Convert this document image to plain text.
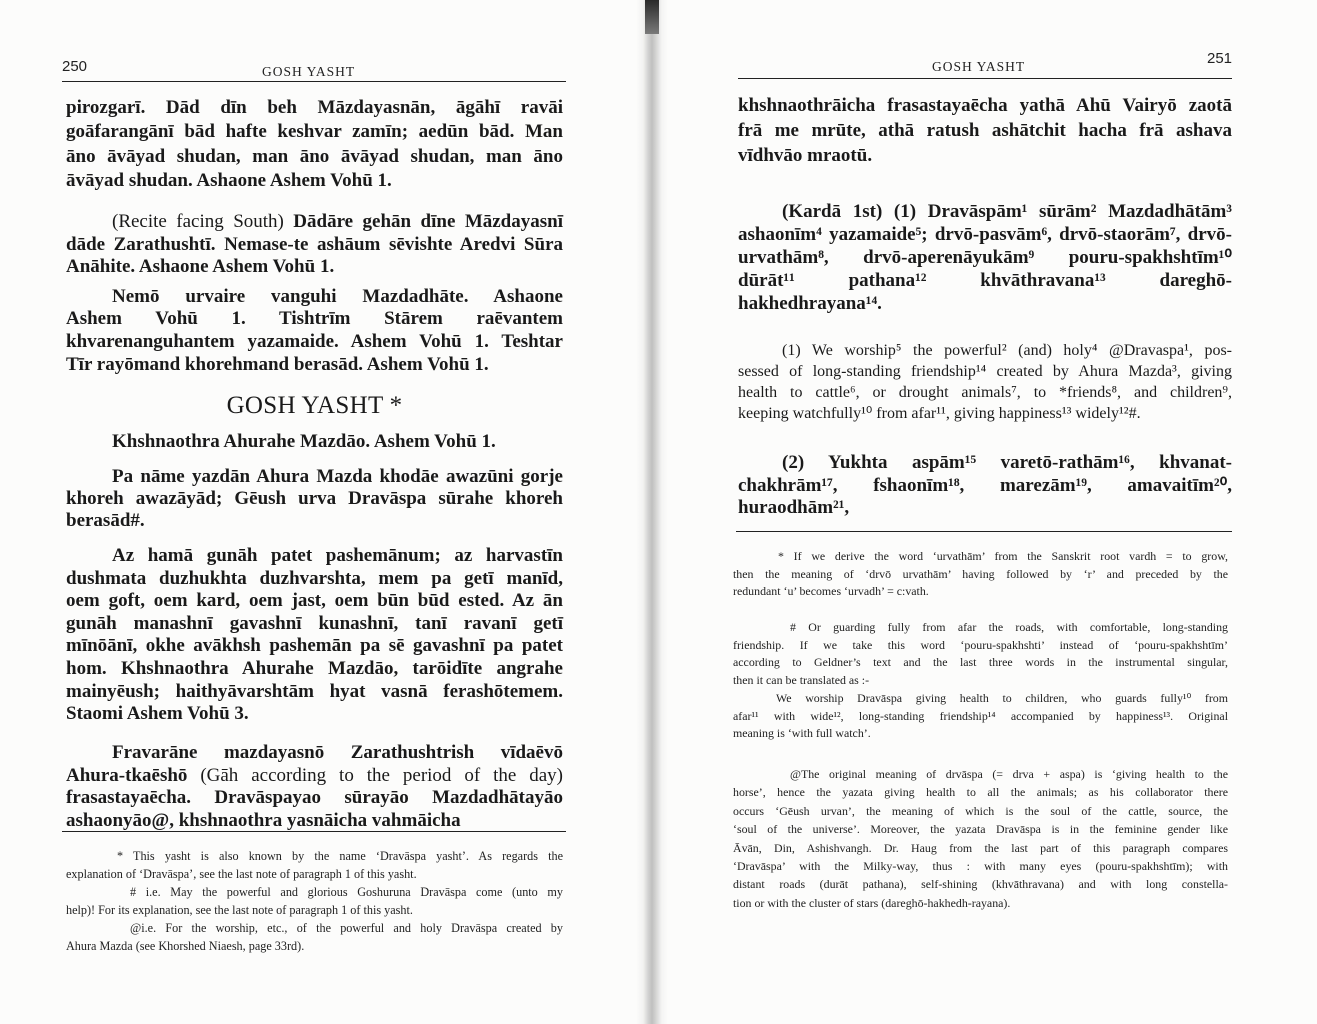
250	GOSH YASHT
pirozgarī. Dād dīn beh Māzdayasnān, āgāhī ravāi
goāfarangānī bād hafte keshvar zamīn; aedūn bād. Man
āno āvāyad shudan, man āno āvāyad shudan, man āno
āvāyad shudan. Ashaone Ashem Vohū 1.
(Recite facing South) Dādāre gehān dīne Māzdayasnī
dāde Zarathushtī. Nemase-te ashāum sēvishte Aredvi Sūra
Anāhite. Ashaone Ashem Vohū 1.
Nemō urvaire vanguhi Mazdadhāte. Ashaone
Ashem Vohū 1. Tishtrīm Stārem raēvantem
khvarenanguhantem yazamaide. Ashem Vohū 1. Teshtar
Tīr rayōmand khorehmand berasād. Ashem Vohū 1.
GOSH YASHT *
Khshnaothra Ahurahe Mazdāo. Ashem Vohū 1.
Pa nāme yazdān Ahura Mazda khodāe awazūni gorje
khoreh awazāyād; Gēush urva Dravāspa sūrahe khoreh
berasād#.
Az hamā gunāh patet pashemānum; az harvastīn
dushmata duzhukhta duzhvarshta, mem pa getī manīd,
oem goft, oem kard, oem jast, oem būn būd ested. Az ān
gunāh manashnī gavashnī kunashnī, tanī ravanī getī
mīnōānī, okhe avākhsh pashemān pa sē gavashnī pa patet
hom. Khshnaothra Ahurahe Mazdāo, tarōidīte angrahe
mainyēush; haithyāvarshtām hyat vasnā ferashōtemem.
Staomi Ashem Vohū 3.
Fravarāne mazdayasnō Zarathushtrish vīdaēvō
Ahura-tkaēshō (Gāh according to the period of the day)
frasastayaēcha. Dravāspayao sūrayāo Mazdadhātayāo
ashaonyāo@, khshnaothra yasnāicha vahmāicha
* This yasht is also known by the name ‘Dravāspa yasht’. As regards the
explanation of ‘Dravāspa’, see the last note of paragraph 1 of this yasht.
# i.e. May the powerful and glorious Goshuruna Dravāspa come (unto my
help)! For its explanation, see the last note of paragraph 1 of this yasht.
@i.e. For the worship, etc., of the powerful and holy Dravāspa created by
Ahura Mazda (see Khorshed Niaesh, page 33rd).
GOSH YASHT	251
khshnaothrāicha frasastayaēcha yathā Ahū Vairyō zaotā
frā me mrūte, athā ratush ashātchit hacha frā ashava
vīdhvāo mraotū.
(Kardā 1st) (1) Dravāspām¹ sūrām² Mazdadhātām³
ashaonīm⁴ yazamaide⁵; drvō-pasvām⁶, drvō-staorām⁷, drvō-
urvathām⁸, drvō-aperenāyukām⁹ pouru-spakhshtīm¹⁰
dūrāt¹¹ pathana¹² khvāthravana¹³ dareghō-
hakhedhrayana¹⁴.
(1) We worship⁵ the powerful² (and) holy⁴ @Dravaspa¹, pos-
sessed of long-standing friendship¹⁴ created by Ahura Mazda³, giving
health to cattle⁶, or drought animals⁷, to *friends⁸, and children⁹,
keeping watchfully¹⁰ from afar¹¹, giving happiness¹³ widely¹²#.
(2) Yukhta aspām¹⁵ varetō-rathām¹⁶, khvanat-
chakhrām¹⁷, fshaonīm¹⁸, marezām¹⁹, amavaitīm²⁰,
huraodhām²¹,
* If we derive the word ‘urvathām’ from the Sanskrit root vardh = to grow,
then the meaning of ‘drvō urvathām’ having followed by ‘r’ and preceded by the
redundant ‘u’ becomes ‘urvadh’ = c:vath.
# Or guarding fully from afar the roads, with comfortable, long-standing
friendship. If we take this word ‘pouru-spakhshti’ instead of ‘pouru-spakhshtīm’
according to Geldner’s text and the last three words in the instrumental singular,
then it can be translated as :-
We worship Dravāspa giving health to children, who guards fully¹⁰ from
afar¹¹ with wide¹², long-standing friendship¹⁴ accompanied by happiness¹³. Original
meaning is ‘with full watch’.
@The original meaning of drvāspa (= drva + aspa) is ‘giving health to the
horse’, hence the yazata giving health to all the animals; as his collaborator there
occurs ‘Gēush urvan’, the meaning of which is the soul of the cattle, source, the
‘soul of the universe’. Moreover, the yazata Dravāspa is in the feminine gender like
Āvān, Din, Ashishvangh. Dr. Haug from the last part of this paragraph compares
‘Dravāspa’ with the Milky-way, thus : with many eyes (pouru-spakhshtīm); with
distant roads (durāt pathana), self-shining (khvāthravana) and with long constella-
tion or with the cluster of stars (dareghō-hakhedh-rayana).
